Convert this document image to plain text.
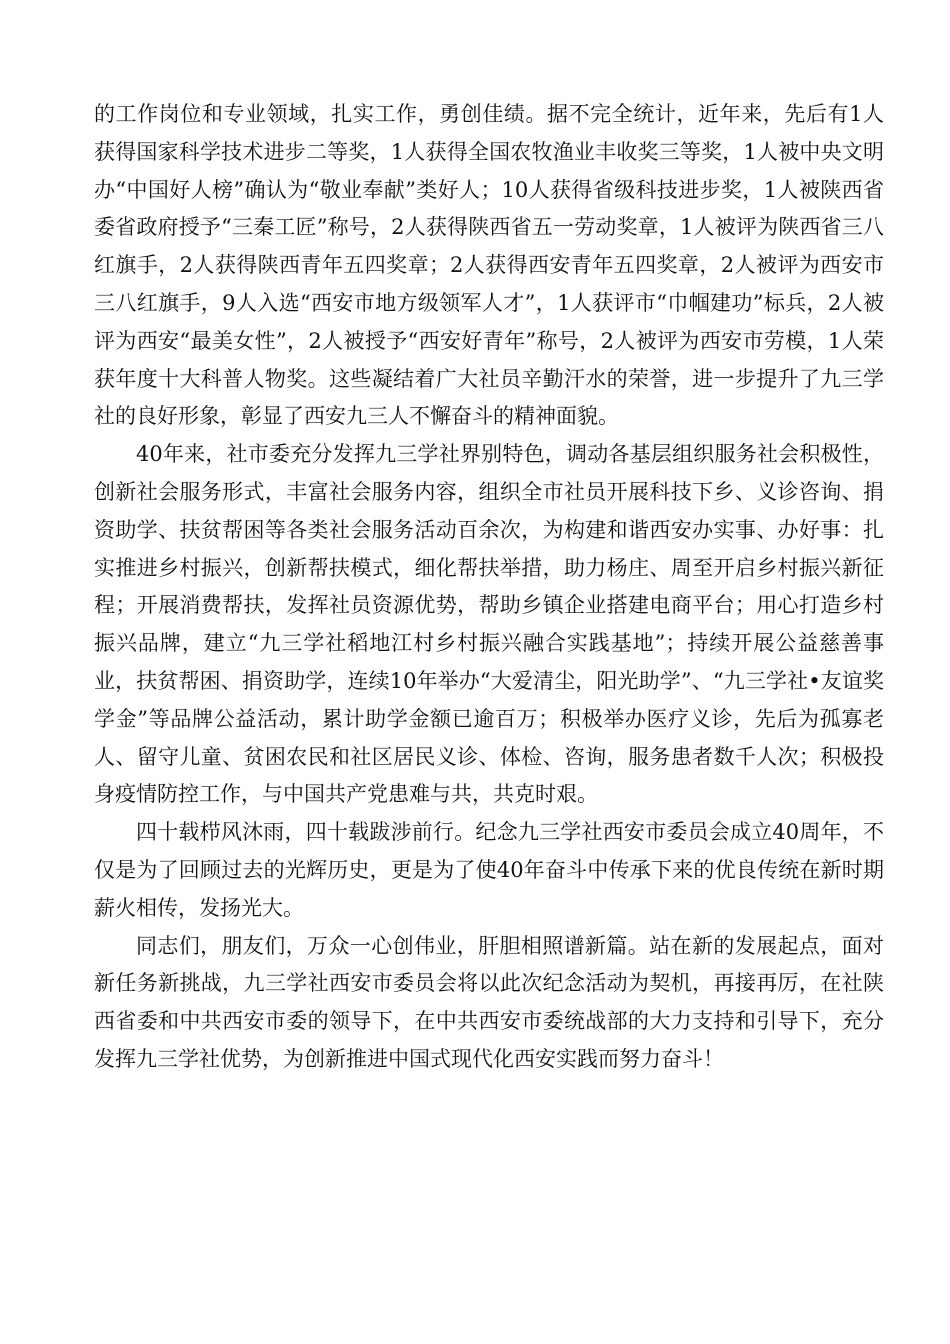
的工作岗位和专业领域，扎实工作，勇创佳绩。据不完全统计，近年来，先后有1人获得国家科学技术进步二等奖，1人获得全国农牧渔业丰收奖三等奖，1人被中央文明办“中国好人榜”确认为“敬业奉献”类好人；10人获得省级科技进步奖，1人被陕西省委省政府授予“三秦工匠”称号，2人获得陕西省五一劳动奖章，1人被评为陕西省三八红旗手，2人获得陕西青年五四奖章；2人获得西安青年五四奖章，2人被评为西安市三八红旗手，9人入选“西安市地方级领军人才”，1人获评市“巾帼建功”标兵，2人被评为西安“最美女性”，2人被授予“西安好青年”称号，2人被评为西安市劳模，1人荣获年度十大科普人物奖。这些凝结着广大社员辛勤汗水的荣誉，进一步提升了九三学社的良好形象，彰显了西安九三人不懈奋斗的精神面貌。

40年来，社市委充分发挥九三学社界别特色，调动各基层组织服务社会积极性，创新社会服务形式，丰富社会服务内容，组织全市社员开展科技下乡、义诊咨询、捐资助学、扶贫帮困等各类社会服务活动百余次，为构建和谐西安办实事、办好事：扎实推进乡村振兴，创新帮扶模式，细化帮扶举措，助力杨庄、周至开启乡村振兴新征程；开展消费帮扶，发挥社员资源优势，帮助乡镇企业搭建电商平台；用心打造乡村振兴品牌，建立“九三学社稻地江村乡村振兴融合实践基地”；持续开展公益慈善事业，扶贫帮困、捐资助学，连续10年举办“大爱清尘，阳光助学”、“九三学社•友谊奖学金”等品牌公益活动，累计助学金额已逾百万；积极举办医疗义诊，先后为孤寡老人、留守儿童、贫困农民和社区居民义诊、体检、咨询，服务患者数千人次；积极投身疫情防控工作，与中国共产党患难与共，共克时艰。

四十载栉风沐雨，四十载跋涉前行。纪念九三学社西安市委员会成立40周年，不仅是为了回顾过去的光辉历史，更是为了使40年奋斗中传承下来的优良传统在新时期薪火相传，发扬光大。

同志们，朋友们，万众一心创伟业，肝胆相照谱新篇。站在新的发展起点，面对新任务新挑战，九三学社西安市委员会将以此次纪念活动为契机，再接再厉，在社陕西省委和中共西安市委的领导下，在中共西安市委统战部的大力支持和引导下，充分发挥九三学社优势，为创新推进中国式现代化西安实践而努力奋斗！
